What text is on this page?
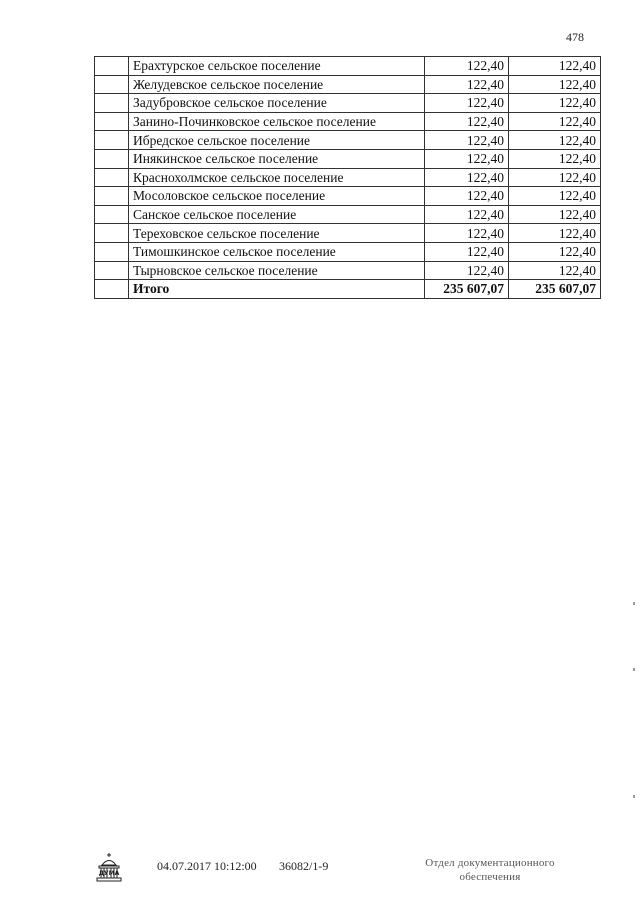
478
	Ерахтурское сельское поселение	122,40	122,40
	Желудевское сельское поселение	122,40	122,40
	Задубровское сельское поселение	122,40	122,40
	Занино-Починковское сельское поселение	122,40	122,40
	Ибредское сельское поселение	122,40	122,40
	Инякинское сельское поселение	122,40	122,40
	Краснохолмское сельское поселение	122,40	122,40
	Мосоловское сельское поселение	122,40	122,40
	Санское сельское поселение	122,40	122,40
	Тереховское сельское поселение	122,40	122,40
	Тимошкинское сельское поселение	122,40	122,40
	Тырновское сельское поселение	122,40	122,40
	Итого	235 607,07	235 607,07
ДУМА
04.07.2017 10:12:00 36082/1-9	Отдел документационного
обеспечения
